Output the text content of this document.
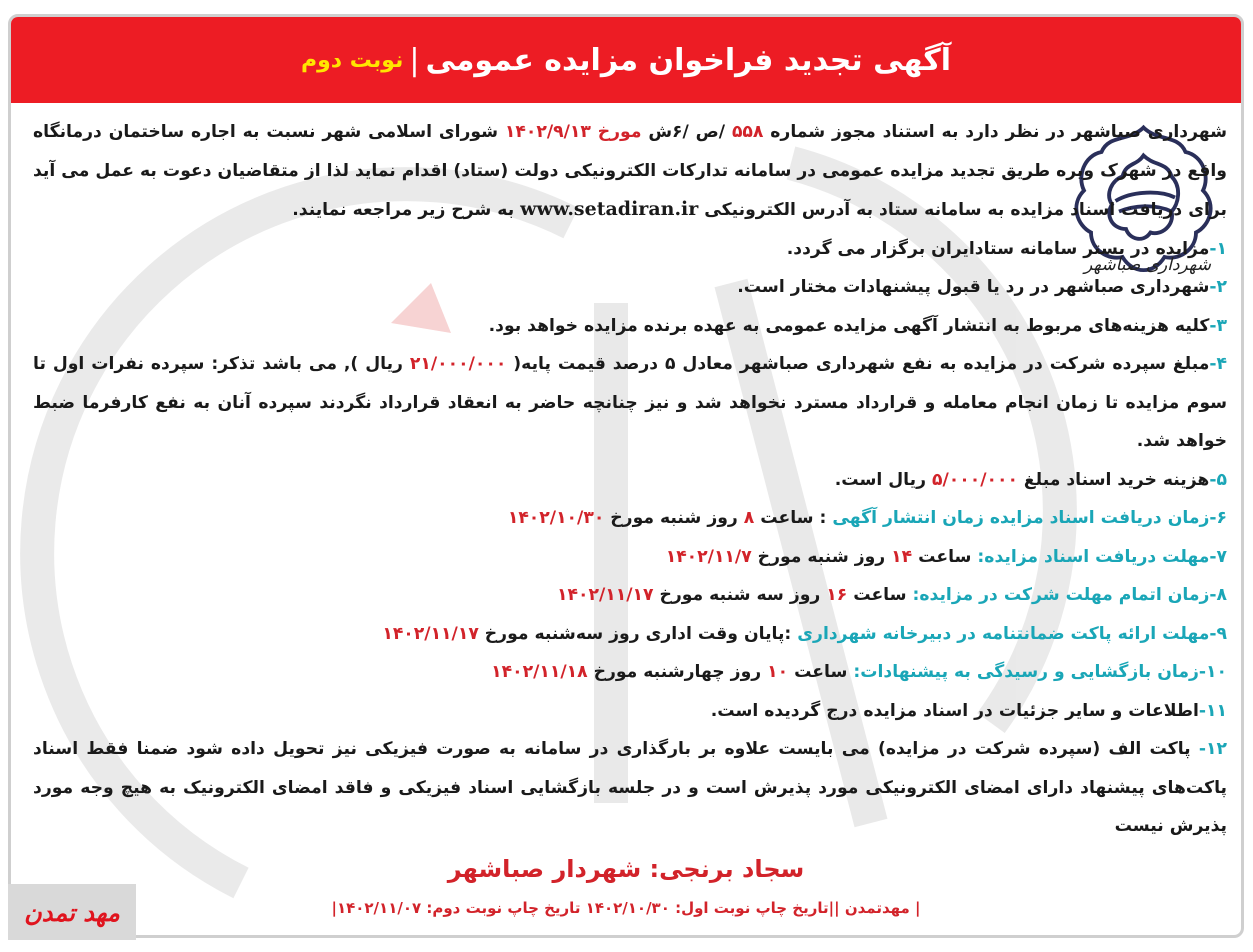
آگهی تجدید فراخوان مزایده عمومی
|
نوبت دوم
شهرداری صباشهر

شهرداری صباشهر در نظر دارد به استناد مجوز شماره ۵۵۸ /ص /۶ش مورخ ۱۴۰۲/۹/۱۳ شورای اسلامی شهر نسبت به اجاره ساختمان درمانگاه واقع در شهرک ویره طریق تجدید مزایده عمومی در سامانه تدارکات الکترونیکی دولت (ستاد) اقدام نماید لذا از متقاضیان دعوت به عمل می آید برای دریافت اسناد مزایده به سامانه ستاد به آدرس الکترونیکی www.setadiran.ir به شرح زیر مراجعه نمایند.

۱-مزایده در بستر سامانه ستادایران برگزار می گردد.

۲-شهرداری صباشهر در رد یا قبول پیشنهادات مختار است.

۳-کلیه هزینه‌های مربوط به انتشار آگهی مزایده عمومی به عهده برنده مزایده خواهد بود.

۴-مبلغ سپرده شرکت در مزایده به نفع شهرداری صباشهر معادل ۵ درصد قیمت پایه( ۲۱/۰۰۰/۰۰۰ ریال ), می باشد تذکر: سپرده نفرات اول تا سوم مزایده تا زمان انجام معامله و قرارداد مسترد نخواهد شد و نیز چنانچه حاضر به انعقاد قرارداد نگردند سپرده آنان به نفع کارفرما ضبط خواهد شد.

۵-هزینه خرید اسناد مبلغ ۵/۰۰۰/۰۰۰ ریال است.

۶-زمان دریافت اسناد مزایده زمان انتشار آگهی : ساعت ۸ روز شنبه مورخ ۱۴۰۲/۱۰/۳۰

۷-مهلت دریافت اسناد مزایده: ساعت ۱۴ روز شنبه مورخ ۱۴۰۲/۱۱/۷

۸-زمان اتمام مهلت شرکت در مزایده: ساعت ۱۶ روز سه شنبه مورخ ۱۴۰۲/۱۱/۱۷

۹-مهلت ارائه پاکت ضمانتنامه در دبیرخانه شهرداری :پایان وقت اداری روز سه‌شنبه مورخ ۱۴۰۲/۱۱/۱۷

۱۰-زمان بازگشایی و رسیدگی به پیشنهادات: ساعت ۱۰ روز چهارشنبه مورخ ۱۴۰۲/۱۱/۱۸

۱۱-اطلاعات و سایر جزئیات در اسناد مزایده درج گردیده است.

۱۲- پاکت الف (سپرده شرکت در مزایده) می بایست علاوه بر بارگذاری در سامانه به صورت فیزیکی نیز تحویل داده شود ضمنا فقط اسناد پاکت‌های پیشنهاد دارای امضای الکترونیکی مورد پذیرش است و در جلسه بازگشایی اسناد فیزیکی و فاقد امضای الکترونیک به هیچ وجه مورد پذیرش نیست

سجاد برنجی: شهردار صباشهر
| مهدتمدن ||تاریخ چاپ نوبت اول: ۱۴۰۲/۱۰/۳۰ تاریخ چاپ نوبت دوم: ۱۴۰۲/۱۱/۰۷|
مهد تمدن
